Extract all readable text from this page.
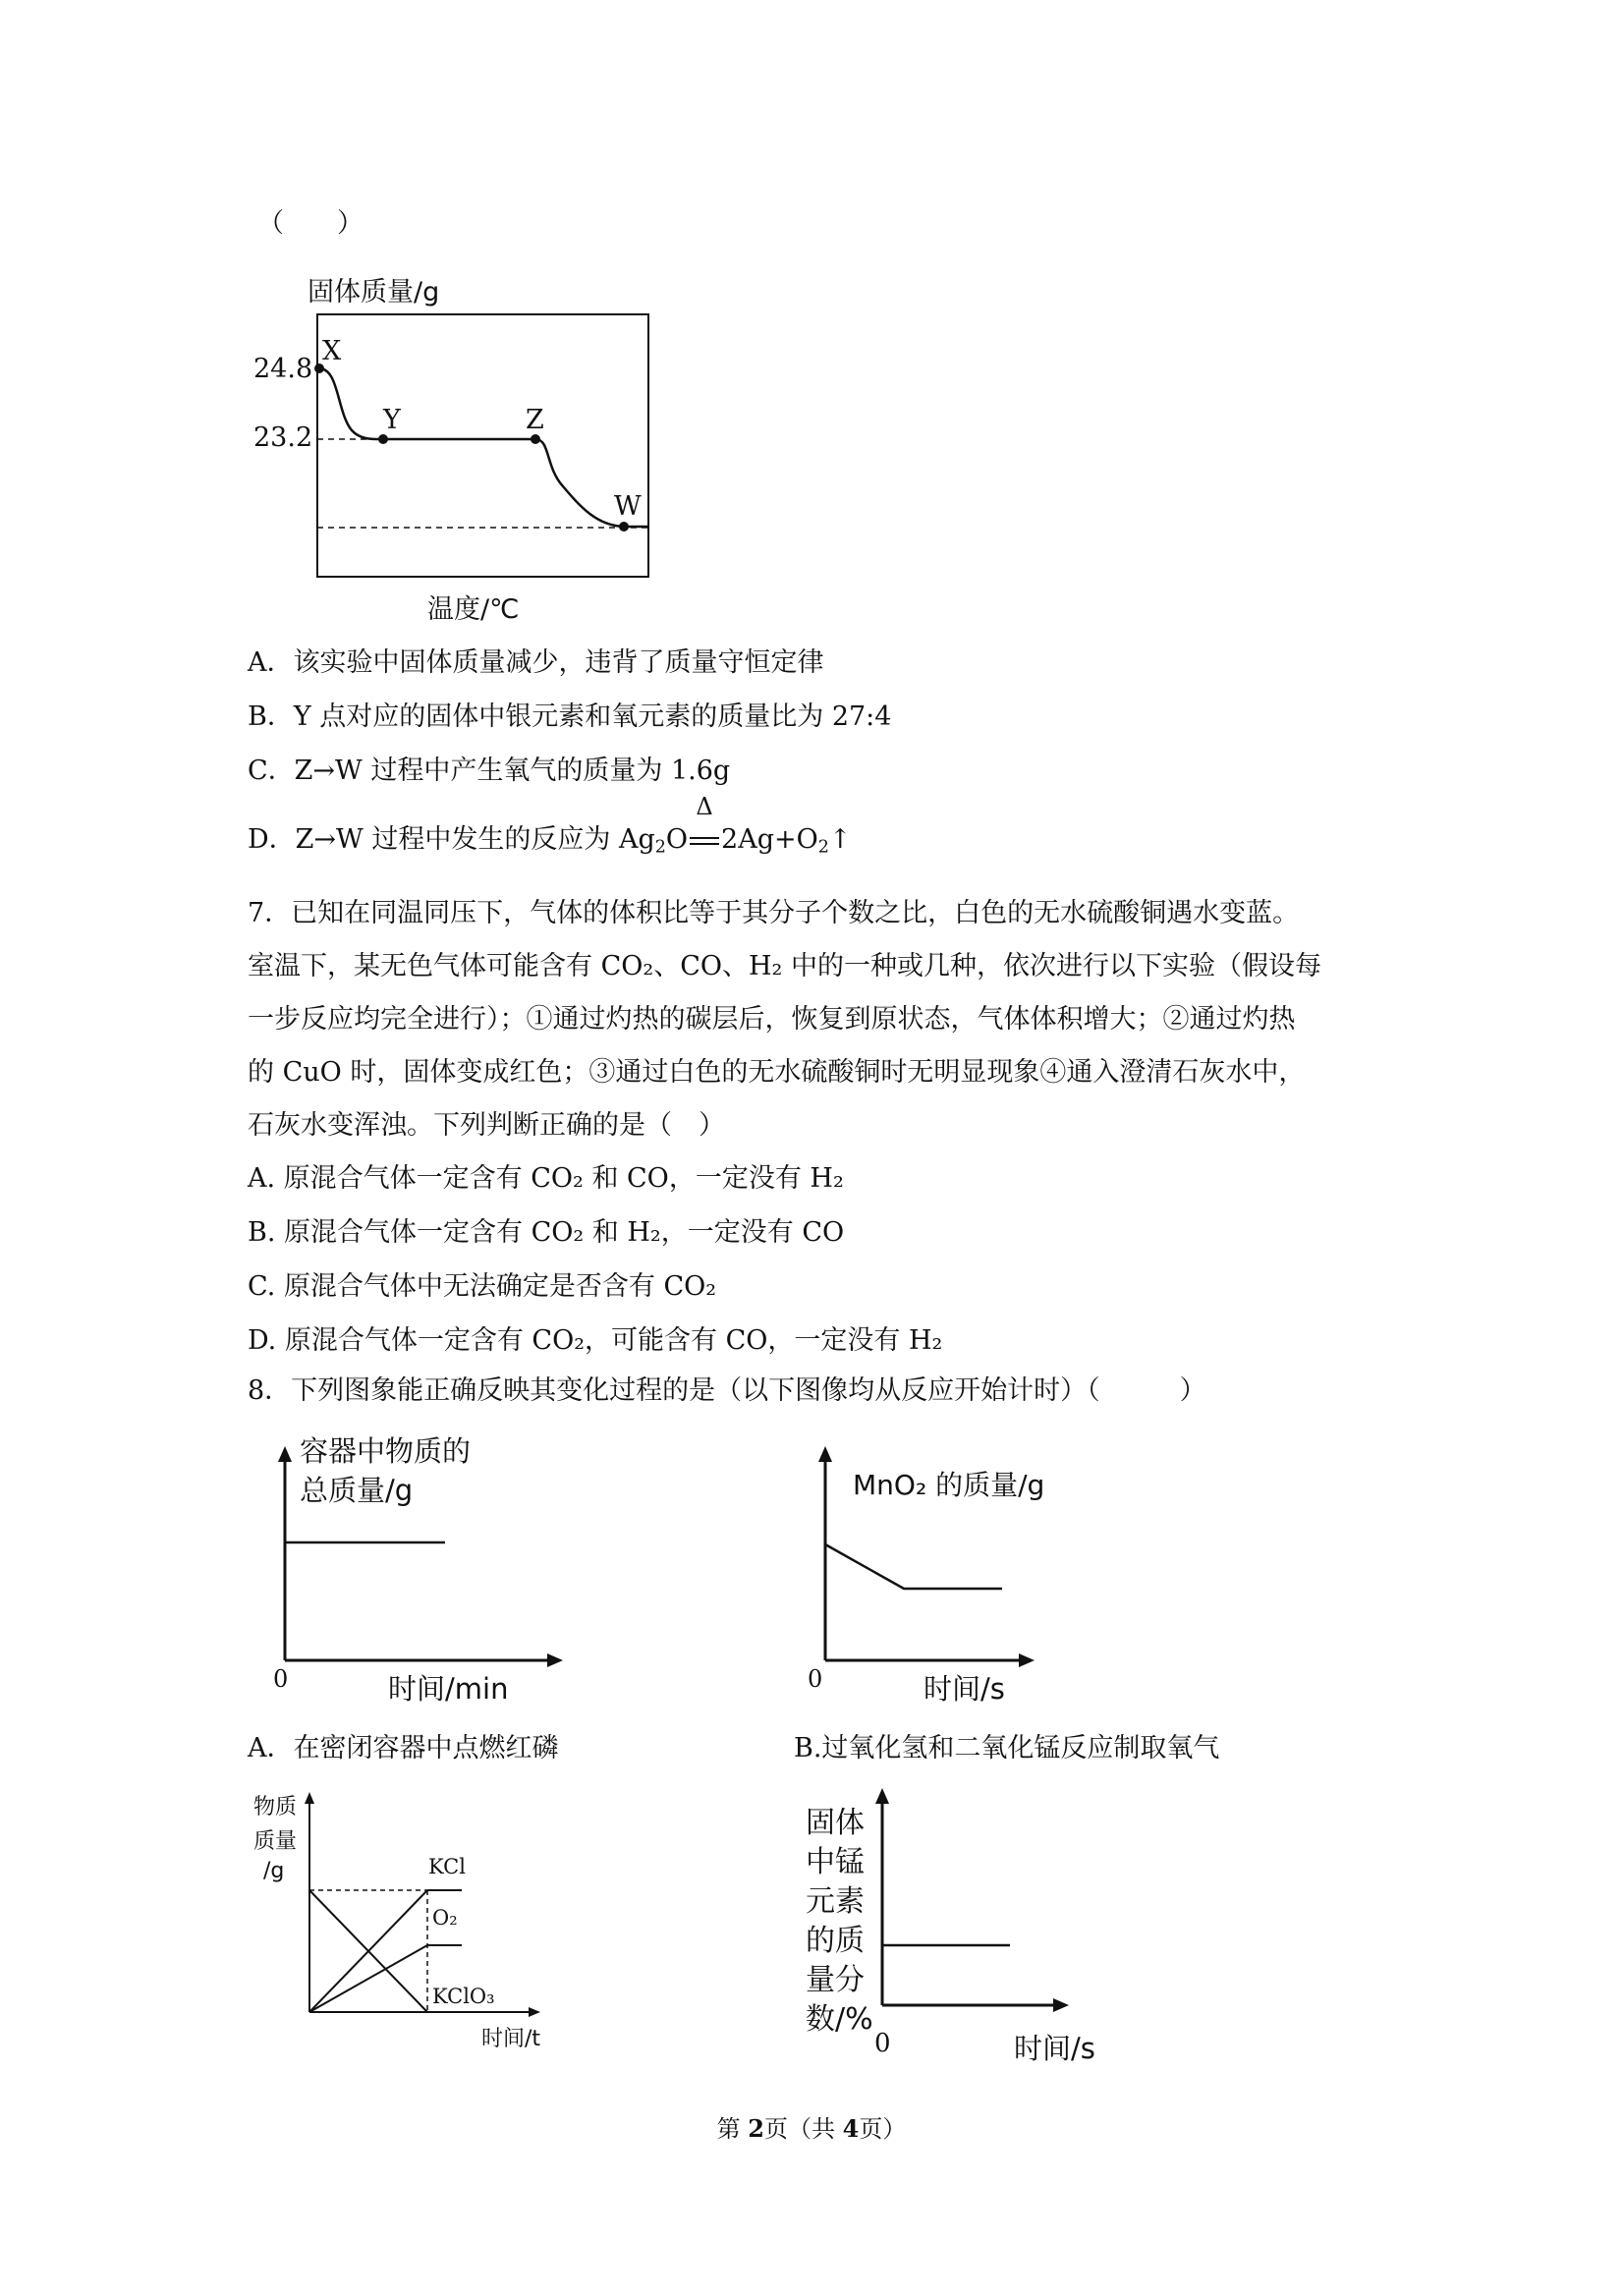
（　　）
固体质量/g
24.8
23.2
X
Y	Z
W
温度/℃
A．该实验中固体质量减少，违背了质量守恒定律
B．Y 点对应的固体中银元素和氧元素的质量比为 27:4
C．Z→W 过程中产生氧气的质量为 1.6g
D．Z→W 过程中发生的反应为 $Ag_2O$
Δ
$2Ag+O_2↑$
7．已知在同温同压下，气体的体积比等于其分子个数之比，白色的无水硫酸铜遇水变蓝。
室温下，某无色气体可能含有 CO₂、CO、H₂ 中的一种或几种，依次进行以下实验（假设每
一步反应均完全进行）；①通过灼热的碳层后，恢复到原状态，气体体积增大；②通过灼热
的 CuO 时，固体变成红色；③通过白色的无水硫酸铜时无明显现象④通入澄清石灰水中，
石灰水变浑浊。下列判断正确的是（　）
A. 原混合气体一定含有 CO₂ 和 CO，一定没有 H₂
B. 原混合气体一定含有 CO₂ 和 H₂，一定没有 CO
C. 原混合气体中无法确定是否含有 CO₂
D. 原混合气体一定含有 CO₂，可能含有 CO，一定没有 H₂
8．下列图象能正确反映其变化过程的是（以下图像均从反应开始计时）（　　　）
容器中物质的
总质量/g
0	时间/min
A．在密闭容器中点燃红磷
MnO₂ 的质量/g
0	时间/s
B.过氧化氢和二氧化锰反应制取氧气
物质
质量
/g	KCl
O₂
KClO₃
时间/t
固体
中锰
元素
的质
量分
数/%
0	时间/s
第 2页（共 4页）
